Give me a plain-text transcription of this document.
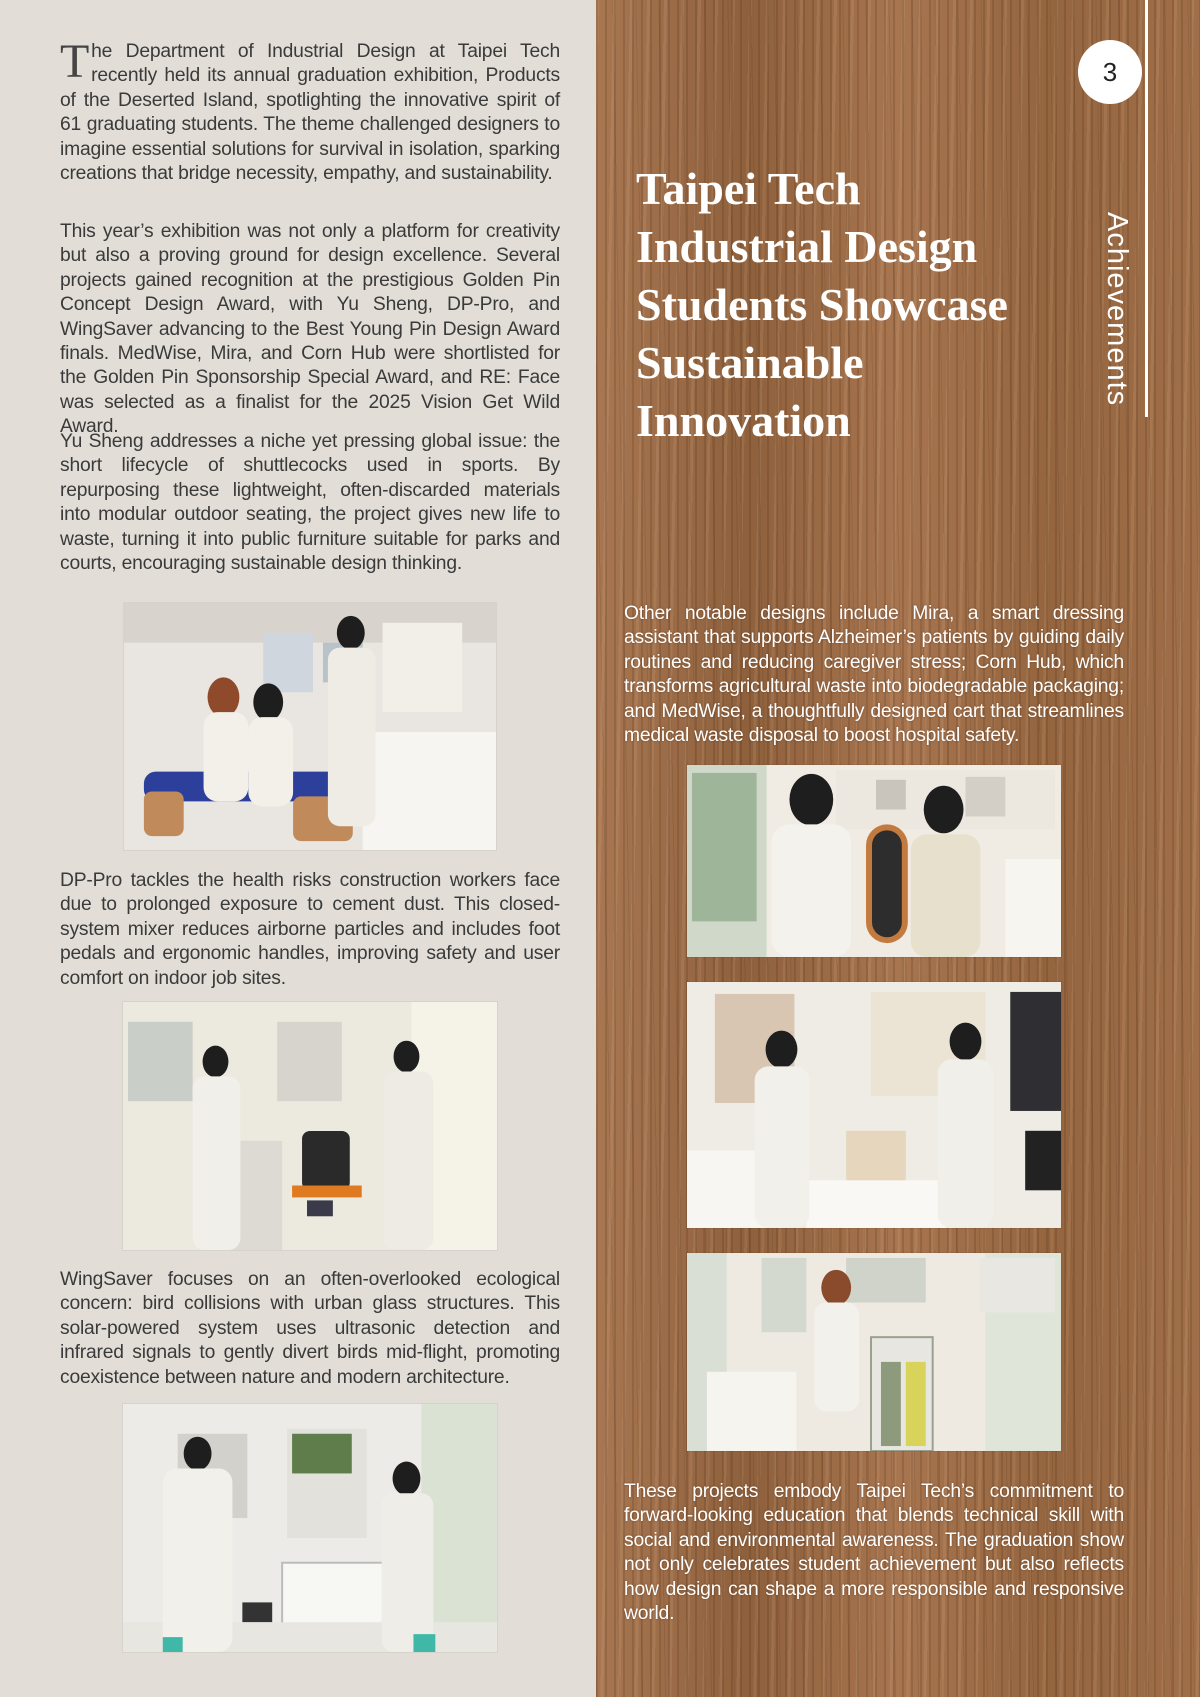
The Department of Industrial Design at Taipei Tech recently held its annual graduation exhibition, Products of the Deserted Island, spotlighting the innovative spirit of 61 graduating students. The theme challenged designers to imagine essential solutions for survival in isolation, sparking creations that bridge necessity, empathy, and sustainability.

This year’s exhibition was not only a platform for creativity but also a proving ground for design excellence. Several projects gained recognition at the prestigious Golden Pin Concept Design Award, with Yu Sheng, DP-Pro, and WingSaver advancing to the Best Young Pin Design Award finals. MedWise, Mira, and Corn Hub were shortlisted for the Golden Pin Sponsorship Special Award, and RE: Face was selected as a finalist for the 2025 Vision Get Wild Award.

Yu Sheng addresses a niche yet pressing global issue: the short lifecycle of shuttlecocks used in sports. By repurposing these lightweight, often-discarded materials into modular outdoor seating, the project gives new life to waste, turning it into public furniture suitable for parks and courts, encouraging sustainable design thinking.

DP-Pro tackles the health risks construction workers face due to prolonged exposure to cement dust. This closed-system mixer reduces airborne particles and includes foot pedals and ergonomic handles, improving safety and user comfort on indoor job sites.

WingSaver focuses on an often-overlooked ecological concern: bird collisions with urban glass structures. This solar-powered system uses ultrasonic detection and infrared signals to gently divert birds mid-flight, promoting coexistence between nature and modern architecture.

3
Achievements
Taipei Tech
Industrial Design
Students Showcase
Sustainable
Innovation

Other notable designs include Mira, a smart dressing assistant that supports Alzheimer’s patients by guiding daily routines and reducing caregiver stress; Corn Hub, which transforms agricultural waste into biodegradable packaging; and MedWise, a thoughtfully designed cart that streamlines medical waste disposal to boost hospital safety.

These projects embody Taipei Tech’s commitment to forward-looking education that blends technical skill with social and environmental awareness. The graduation show not only celebrates student achievement but also reflects how design can shape a more responsible and responsive world.
